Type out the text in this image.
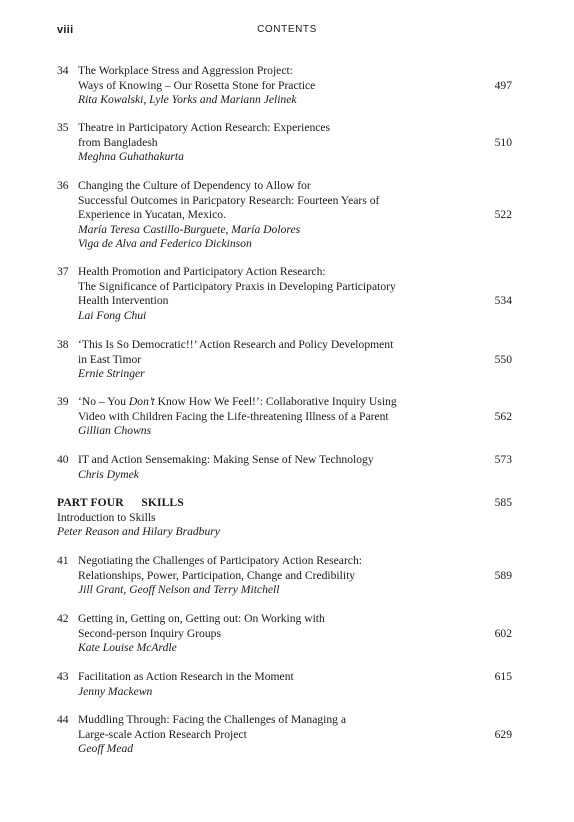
viii	CONTENTS
34 The Workplace Stress and Aggression Project:
Ways of Knowing – Our Rosetta Stone for Practice
Rita Kowalski, Lyle Yorks and Mariann Jelinek
497
35 Theatre in Participatory Action Research: Experiences
from Bangladesh
Meghna Guhathakurta
510
36 Changing the Culture of Dependency to Allow for
Successful Outcomes in Paricpatory Research: Fourteen Years of
Experience in Yucatan, Mexico.
María Teresa Castillo-Burguete, María Dolores
Viga de Alva and Federico Dickinson
522
37 Health Promotion and Participatory Action Research:
The Significance of Participatory Praxis in Developing Participatory
Health Intervention
Lai Fong Chui
534
38 ‘This Is So Democratic!!’ Action Research and Policy Development
in East Timor
Ernie Stringer
550
39 ‘No – You Don’t Know How We Feel!’: Collaborative Inquiry Using
Video with Children Facing the Life-threatening Illness of a Parent
Gillian Chowns
562
40 IT and Action Sensemaking: Making Sense of New Technology
Chris Dymek
573
PART FOUR  SKILLS
Introduction to Skills
Peter Reason and Hilary Bradbury
585
41 Negotiating the Challenges of Participatory Action Research:
Relationships, Power, Participation, Change and Credibility
Jill Grant, Geoff Nelson and Terry Mitchell
589
42 Getting in, Getting on, Getting out: On Working with
Second-person Inquiry Groups
Kate Louise McArdle
602
43 Facilitation as Action Research in the Moment
Jenny Mackewn
615
44 Muddling Through: Facing the Challenges of Managing a
Large-scale Action Research Project
Geoff Mead
629
